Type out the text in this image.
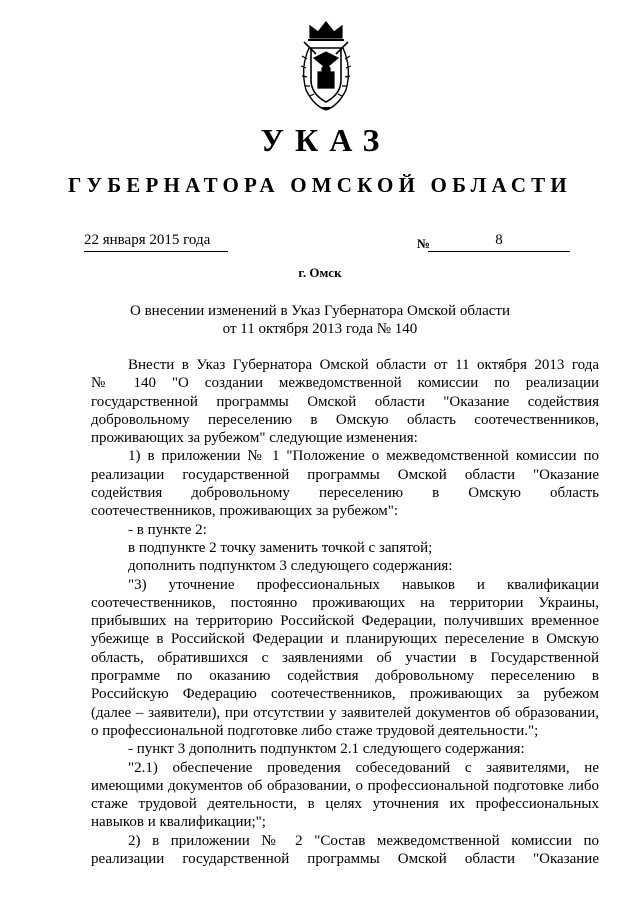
УКАЗ
ГУБЕРНАТОРА ОМСКОЙ ОБЛАСТИ
22 января 2015 года	№	8
г. Омск
О внесении изменений в Указ Губернатора Омской области
от 11 октября 2013 года № 140

Внести в Указ Губернатора Омской области от 11 октября 2013 года

№ 140 "О создании межведомственной комиссии по реализации

государственной программы Омской области "Оказание содействия

добровольному переселению в Омскую область соотечественников,

проживающих за рубежом" следующие изменения:

1) в приложении № 1 "Положение о межведомственной комиссии по

реализации государственной программы Омской области "Оказание

содействия добровольному переселению в Омскую область

соотечественников, проживающих за рубежом":

- в пункте 2:

в подпункте 2 точку заменить точкой с запятой;

дополнить подпунктом 3 следующего содержания:

"3) уточнение профессиональных навыков и квалификации

соотечественников, постоянно проживающих на территории Украины,

прибывших на территорию Российской Федерации, получивших временное

убежище в Российской Федерации и планирующих переселение в Омскую

область, обратившихся с заявлениями об участии в Государственной

программе по оказанию содействия добровольному переселению в

Российскую Федерацию соотечественников, проживающих за рубежом

(далее – заявители), при отсутствии у заявителей документов об образовании,

о профессиональной подготовке либо стаже трудовой деятельности.";

- пункт 3 дополнить подпунктом 2.1 следующего содержания:

"2.1) обеспечение проведения собеседований с заявителями, не

имеющими документов об образовании, о профессиональной подготовке либо

стаже трудовой деятельности, в целях уточнения их профессиональных

навыков и квалификации;";

2) в приложении № 2 "Состав межведомственной комиссии по

реализации государственной программы Омской области "Оказание
